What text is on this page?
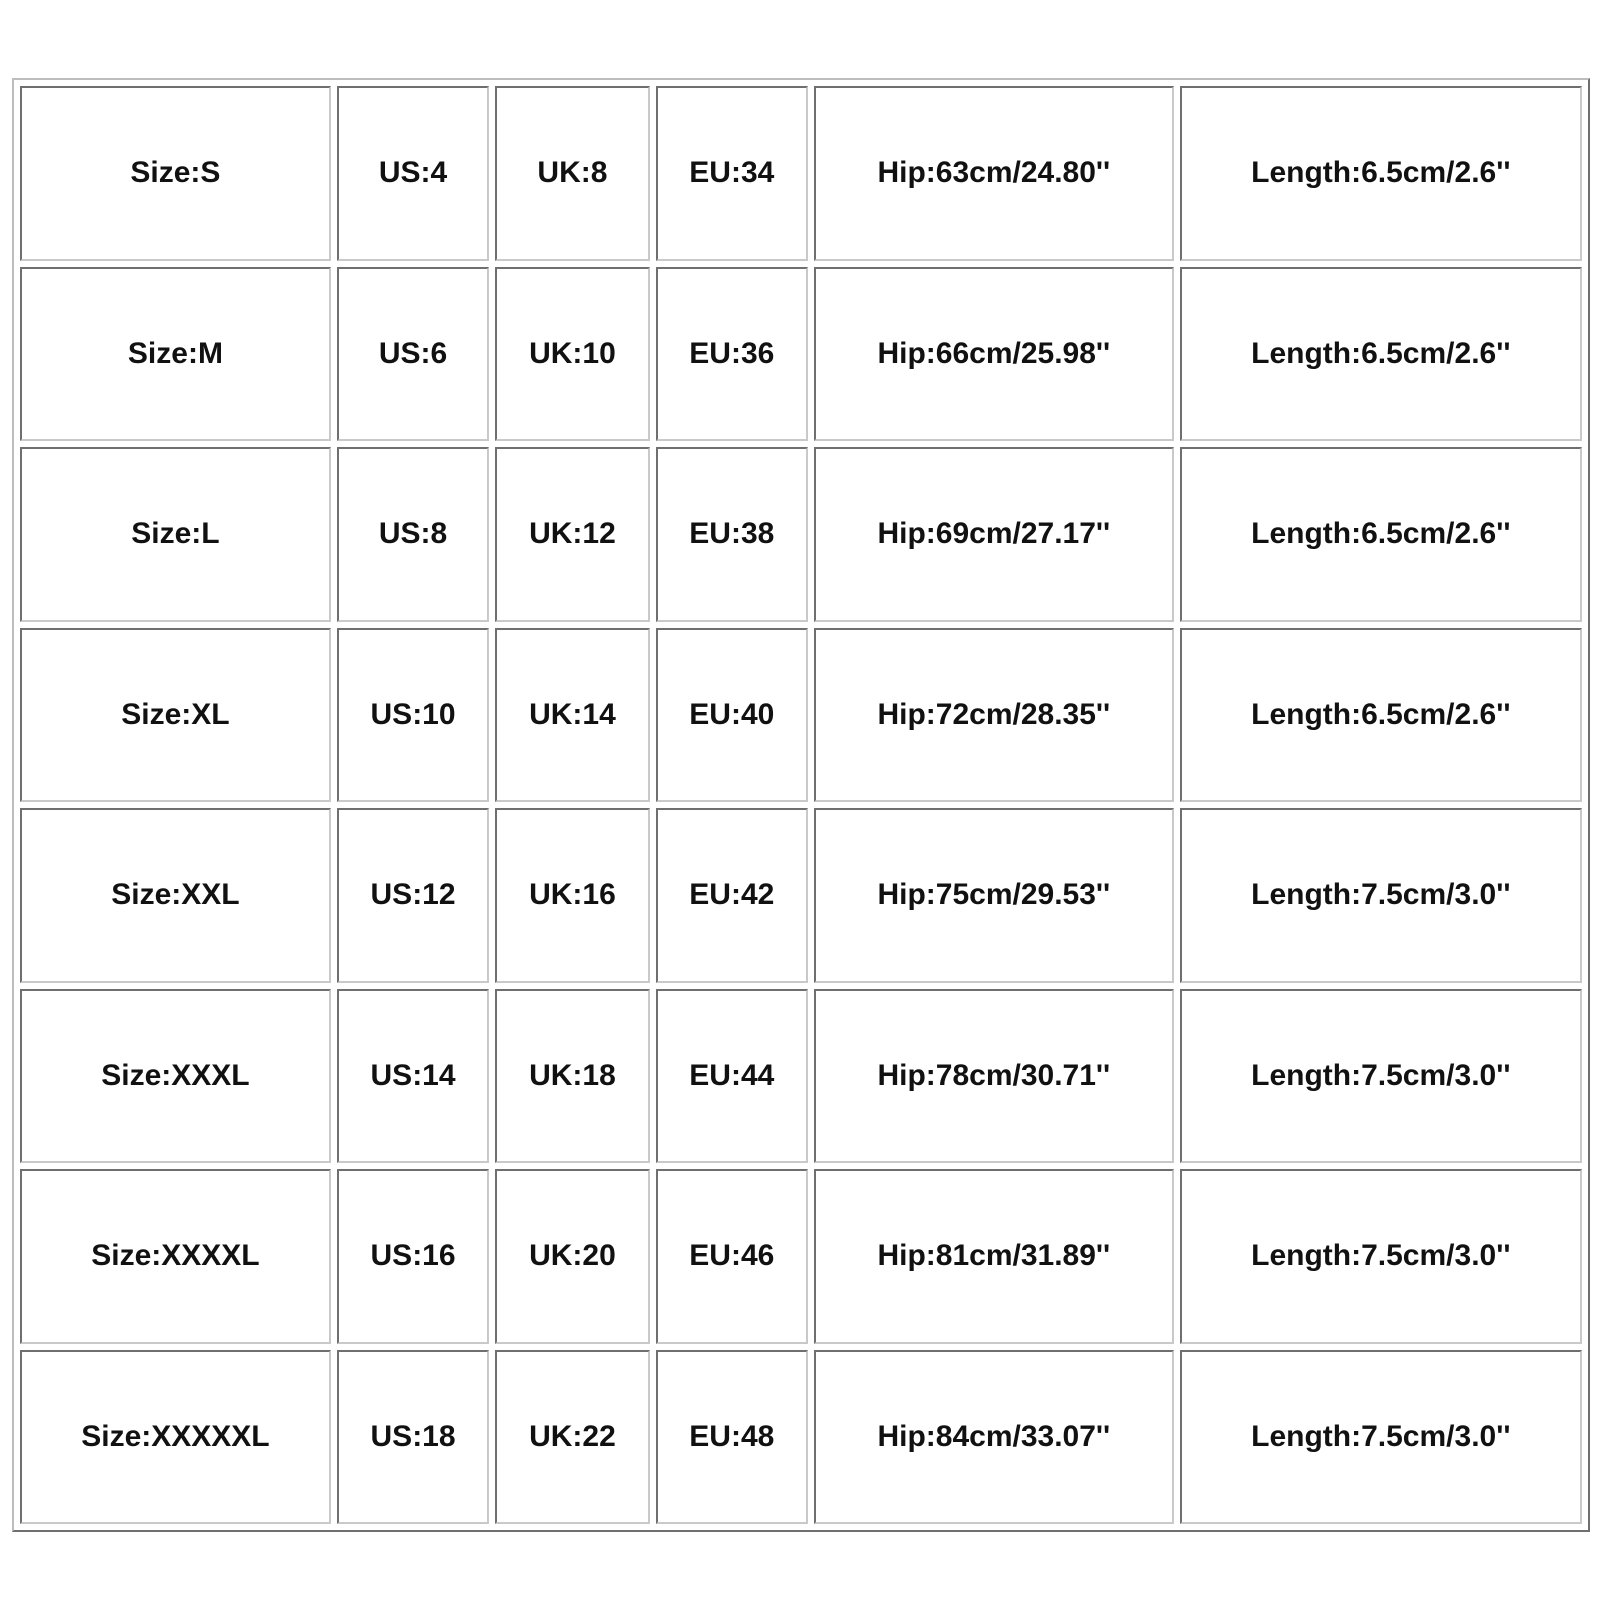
Size:S	US:4	UK:8	EU:34	Hip:63cm/24.80''	Length:6.5cm/2.6''
Size:M	US:6	UK:10	EU:36	Hip:66cm/25.98''	Length:6.5cm/2.6''
Size:L	US:8	UK:12	EU:38	Hip:69cm/27.17''	Length:6.5cm/2.6''
Size:XL	US:10	UK:14	EU:40	Hip:72cm/28.35''	Length:6.5cm/2.6''
Size:XXL	US:12	UK:16	EU:42	Hip:75cm/29.53''	Length:7.5cm/3.0''
Size:XXXL	US:14	UK:18	EU:44	Hip:78cm/30.71''	Length:7.5cm/3.0''
Size:XXXXL	US:16	UK:20	EU:46	Hip:81cm/31.89''	Length:7.5cm/3.0''
Size:XXXXXL	US:18	UK:22	EU:48	Hip:84cm/33.07''	Length:7.5cm/3.0''
